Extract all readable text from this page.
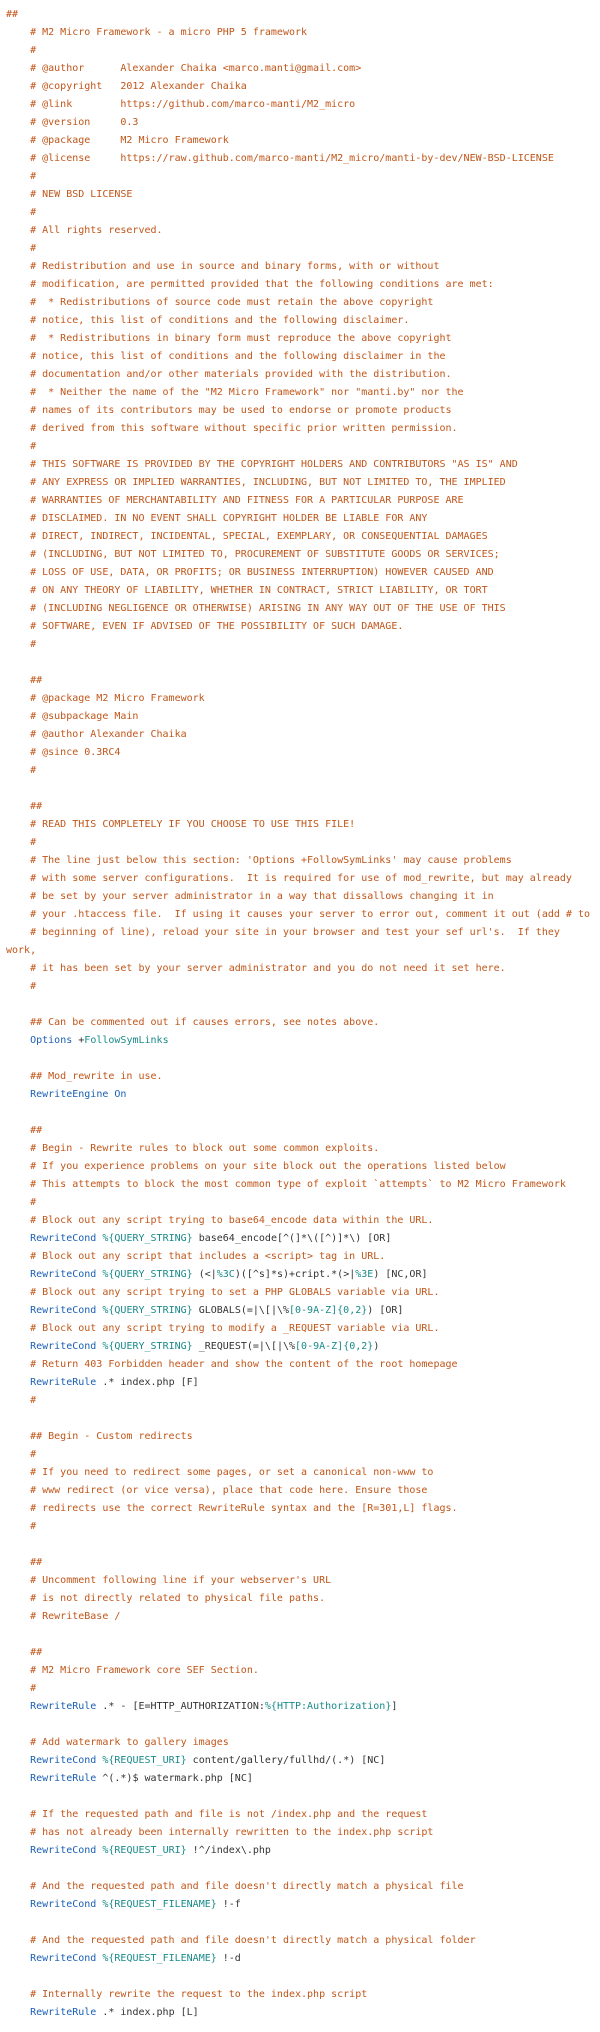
##
# M2 Micro Framework - a micro PHP 5 framework
#
# @author      Alexander Chaika <marco.manti@gmail.com>
# @copyright   2012 Alexander Chaika
# @link        https://github.com/marco-manti/M2_micro
# @version     0.3
# @package     M2 Micro Framework
# @license     https://raw.github.com/marco-manti/M2_micro/manti-by-dev/NEW-BSD-LICENSE
#
# NEW BSD LICENSE
#
# All rights reserved.
#
# Redistribution and use in source and binary forms, with or without
# modification, are permitted provided that the following conditions are met:
#  * Redistributions of source code must retain the above copyright
# notice, this list of conditions and the following disclaimer.
#  * Redistributions in binary form must reproduce the above copyright
# notice, this list of conditions and the following disclaimer in the
# documentation and/or other materials provided with the distribution.
#  * Neither the name of the "M2 Micro Framework" nor "manti.by" nor the
# names of its contributors may be used to endorse or promote products
# derived from this software without specific prior written permission.
#
# THIS SOFTWARE IS PROVIDED BY THE COPYRIGHT HOLDERS AND CONTRIBUTORS "AS IS" AND
# ANY EXPRESS OR IMPLIED WARRANTIES, INCLUDING, BUT NOT LIMITED TO, THE IMPLIED
# WARRANTIES OF MERCHANTABILITY AND FITNESS FOR A PARTICULAR PURPOSE ARE
# DISCLAIMED. IN NO EVENT SHALL COPYRIGHT HOLDER BE LIABLE FOR ANY
# DIRECT, INDIRECT, INCIDENTAL, SPECIAL, EXEMPLARY, OR CONSEQUENTIAL DAMAGES
# (INCLUDING, BUT NOT LIMITED TO, PROCUREMENT OF SUBSTITUTE GOODS OR SERVICES;
# LOSS OF USE, DATA, OR PROFITS; OR BUSINESS INTERRUPTION) HOWEVER CAUSED AND
# ON ANY THEORY OF LIABILITY, WHETHER IN CONTRACT, STRICT LIABILITY, OR TORT
# (INCLUDING NEGLIGENCE OR OTHERWISE) ARISING IN ANY WAY OUT OF THE USE OF THIS
# SOFTWARE, EVEN IF ADVISED OF THE POSSIBILITY OF SUCH DAMAGE.
#
##
# @package M2 Micro Framework
# @subpackage Main
# @author Alexander Chaika
# @since 0.3RC4
#
##
# READ THIS COMPLETELY IF YOU CHOOSE TO USE THIS FILE!
#
# The line just below this section: 'Options +FollowSymLinks' may cause problems
# with some server configurations.  It is required for use of mod_rewrite, but may already
# be set by your server administrator in a way that dissallows changing it in
# your .htaccess file.  If using it causes your server to error out, comment it out (add # to
# beginning of line), reload your site in your browser and test your sef url's.  If they
work,
# it has been set by your server administrator and you do not need it set here.
#
## Can be commented out if causes errors, see notes above.
Options +FollowSymLinks
## Mod_rewrite in use.
RewriteEngine On
##
# Begin - Rewrite rules to block out some common exploits.
# If you experience problems on your site block out the operations listed below
# This attempts to block the most common type of exploit `attempts` to M2 Micro Framework
#
# Block out any script trying to base64_encode data within the URL.
RewriteCond %{QUERY_STRING} base64_encode[^(]*\([^)]*\) [OR]
# Block out any script that includes a <script> tag in URL.
RewriteCond %{QUERY_STRING} (<|%3C)([^s]*s)+cript.*(>|%3E) [NC,OR]
# Block out any script trying to set a PHP GLOBALS variable via URL.
RewriteCond %{QUERY_STRING} GLOBALS(=|\[|\%[0-9A-Z]{0,2}) [OR]
# Block out any script trying to modify a _REQUEST variable via URL.
RewriteCond %{QUERY_STRING} _REQUEST(=|\[|\%[0-9A-Z]{0,2})
# Return 403 Forbidden header and show the content of the root homepage
RewriteRule .* index.php [F]
#
## Begin - Custom redirects
#
# If you need to redirect some pages, or set a canonical non-www to
# www redirect (or vice versa), place that code here. Ensure those
# redirects use the correct RewriteRule syntax and the [R=301,L] flags.
#
##
# Uncomment following line if your webserver's URL
# is not directly related to physical file paths.
# RewriteBase /
##
# M2 Micro Framework core SEF Section.
#
RewriteRule .* - [E=HTTP_AUTHORIZATION:%{HTTP:Authorization}]
# Add watermark to gallery images
RewriteCond %{REQUEST_URI} content/gallery/fullhd/(.*) [NC]
RewriteRule ^(.*)$ watermark.php [NC]
# If the requested path and file is not /index.php and the request
# has not already been internally rewritten to the index.php script
RewriteCond %{REQUEST_URI} !^/index\.php
# And the requested path and file doesn't directly match a physical file
RewriteCond %{REQUEST_FILENAME} !-f
# And the requested path and file doesn't directly match a physical folder
RewriteCond %{REQUEST_FILENAME} !-d
# Internally rewrite the request to the index.php script
RewriteRule .* index.php [L]
